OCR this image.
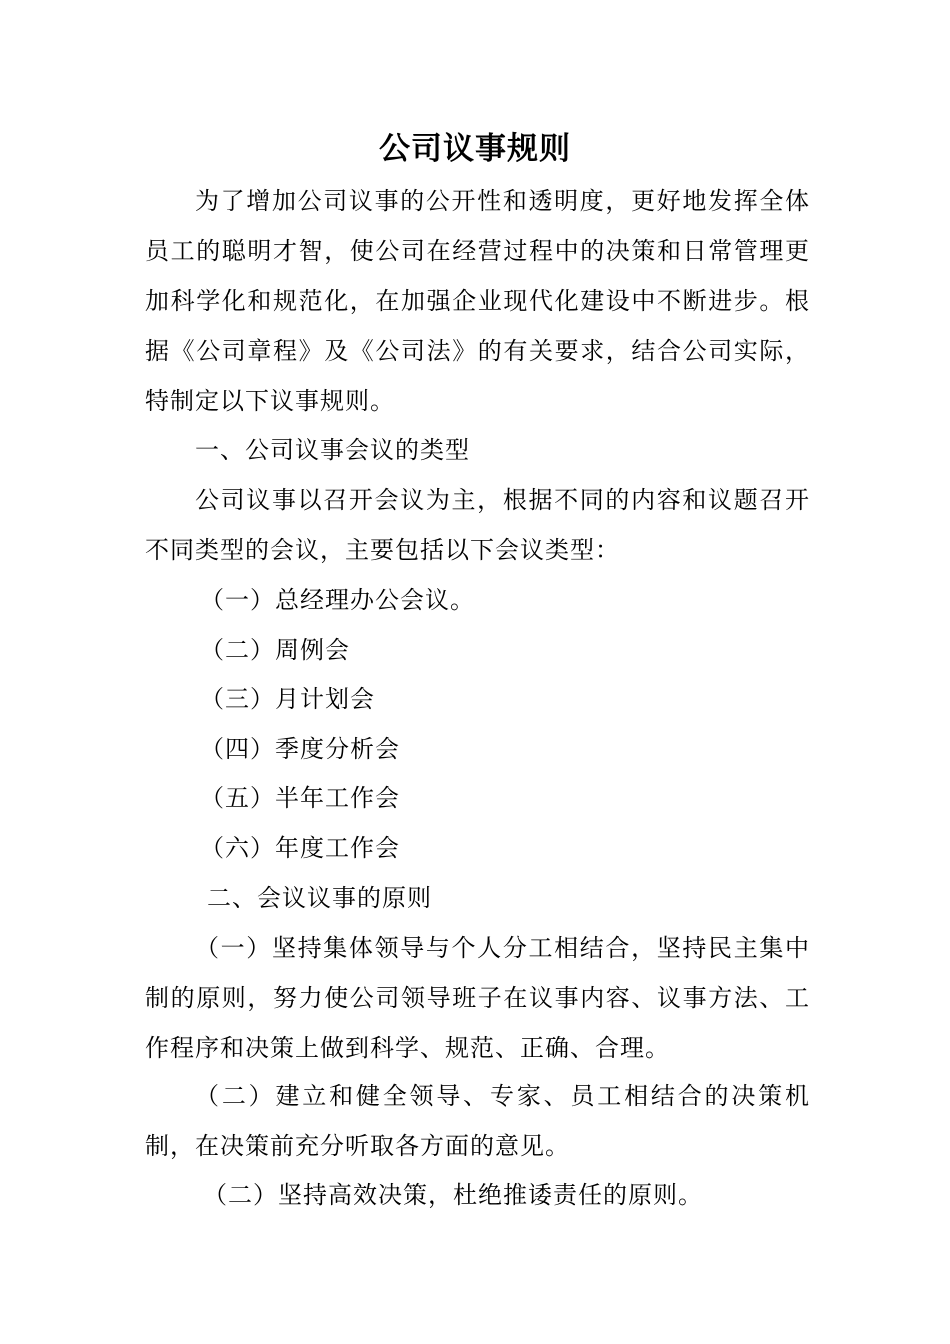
公司议事规则
为了增加公司议事的公开性和透明度，更好地发挥全体员工的聪明才智，使公司在经营过程中的决策和日常管理更加科学化和规范化，在加强企业现代化建设中不断进步。根据《公司章程》及《公司法》的有关要求，结合公司实际，特制定以下议事规则。
一、公司议事会议的类型
公司议事以召开会议为主，根据不同的内容和议题召开不同类型的会议，主要包括以下会议类型：
（一）总经理办公会议。
（二）周例会
（三）月计划会
（四）季度分析会
（五）半年工作会
（六）年度工作会
二、会议议事的原则
（一）坚持集体领导与个人分工相结合，坚持民主集中制的原则，努力使公司领导班子在议事内容、议事方法、工作程序和决策上做到科学、规范、正确、合理。
（二）建立和健全领导、专家、员工相结合的决策机制，在决策前充分听取各方面的意见。
（二）坚持高效决策，杜绝推诿责任的原则。
